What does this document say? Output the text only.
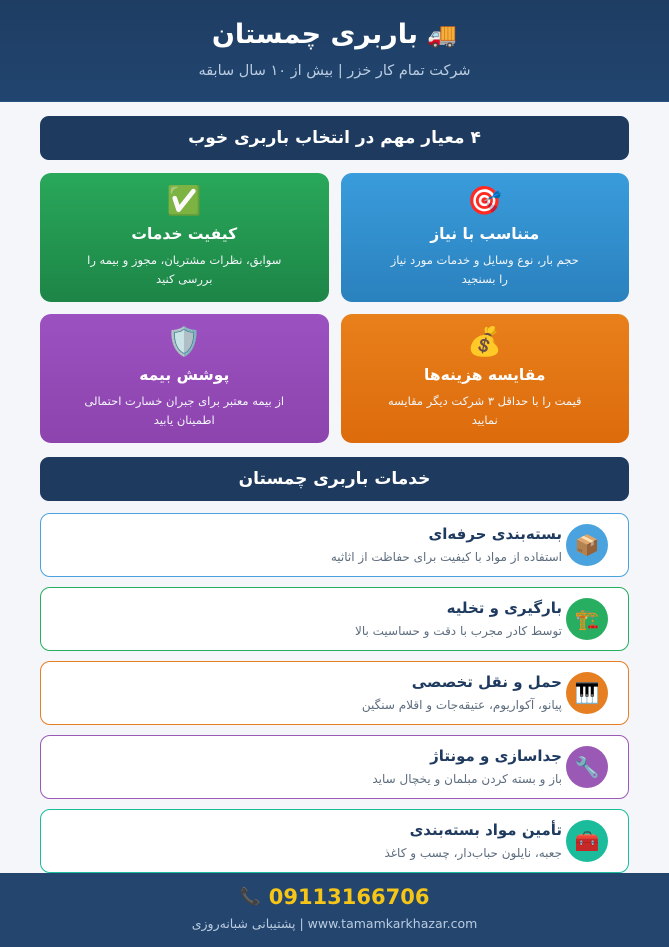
🚚
باربری چمستان
شرکت تمام کار خزر | بیش از ۱۰ سال سابقه
۴ معیار مهم در انتخاب باربری خوب
🎯
متناسب با نیاز
حجم بار، نوع وسایل و خدمات مورد نیاز را بسنجید
✅
کیفیت خدمات
سوابق، نظرات مشتریان، مجوز و بیمه را بررسی کنید
💰
مقایسه هزینه‌ها
قیمت را با حداقل ۳ شرکت دیگر مقایسه نمایید
🛡️
پوشش بیمه
از بیمه معتبر برای جبران خسارت احتمالی اطمینان یابید
خدمات باربری چمستان
بسته‌بندی حرفه‌ای
استفاده از مواد با کیفیت برای حفاظت از اثاثیه 📦
بارگیری و تخلیه
توسط کادر مجرب با دقت و حساسیت بالا 🏗️
حمل و نقل تخصصی
پیانو، آکواریوم، عتیقه‌جات و اقلام سنگین 🎹
جداسازی و مونتاژ
باز و بسته کردن مبلمان و یخچال ساید 🔧
تأمین مواد بسته‌بندی
جعبه، نایلون حباب‌دار، چسب و کاغذ 🧰
📞 09113166706
www.tamamkarkhazar.com | پشتیبانی شبانه‌روزی
